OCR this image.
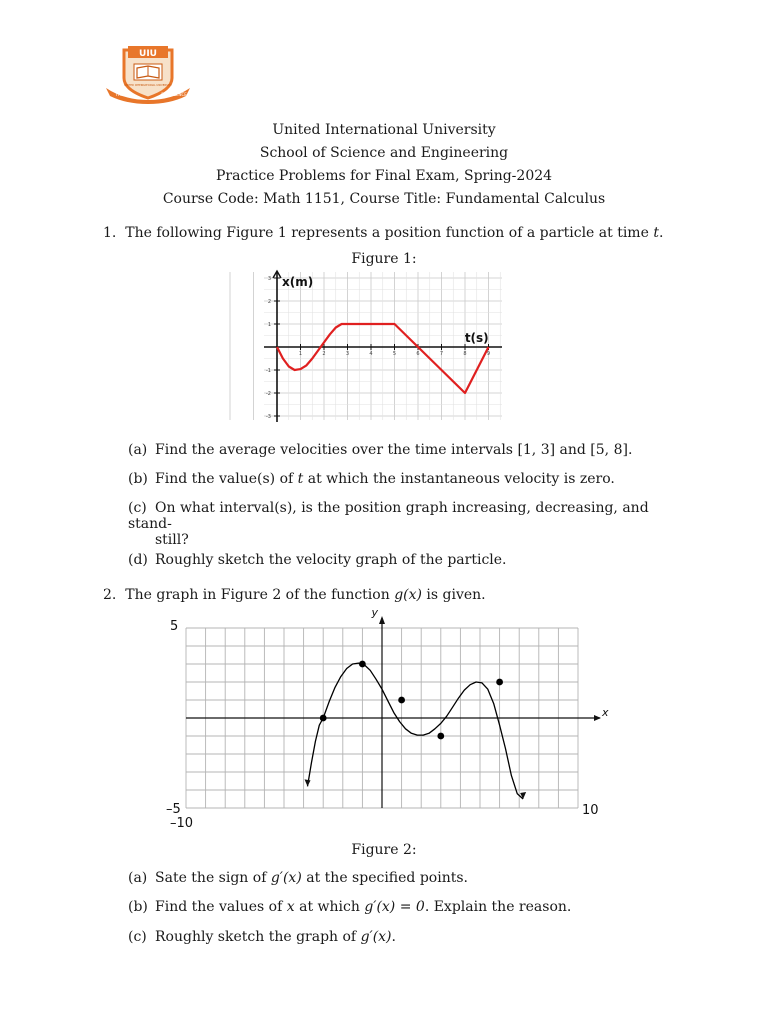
UIU
TRUST	EXCELLENCE
UNITED INTERNATIONAL UNIVERSITY
United International University
School of Science and Engineering
Practice Problems for Final Exam, Spring-2024
Course Code: Math 1151, Course Title: Fundamental Calculus
1. The following Figure 1 represents a position function of a particle at time t.
Figure 1:
1	2	3	4	5	6	7	8	9
3
2
1
-1
-2
-3
x(m)
t(s)
(a) Find the average velocities over the time intervals [1, 3] and [5, 8].
(b) Find the value(s) of t at which the instantaneous velocity is zero.
(c) On what interval(s), is the position graph increasing, decreasing, and stand-
still?
(d) Roughly sketch the velocity graph of the particle.
2. The graph in Figure 2 of the function g(x) is given.
x
y
5
–5
–10
10
Figure 2:
(a) Sate the sign of g′(x) at the specified points.
(b) Find the values of x at which g′(x) = 0. Explain the reason.
(c) Roughly sketch the graph of g′(x).
